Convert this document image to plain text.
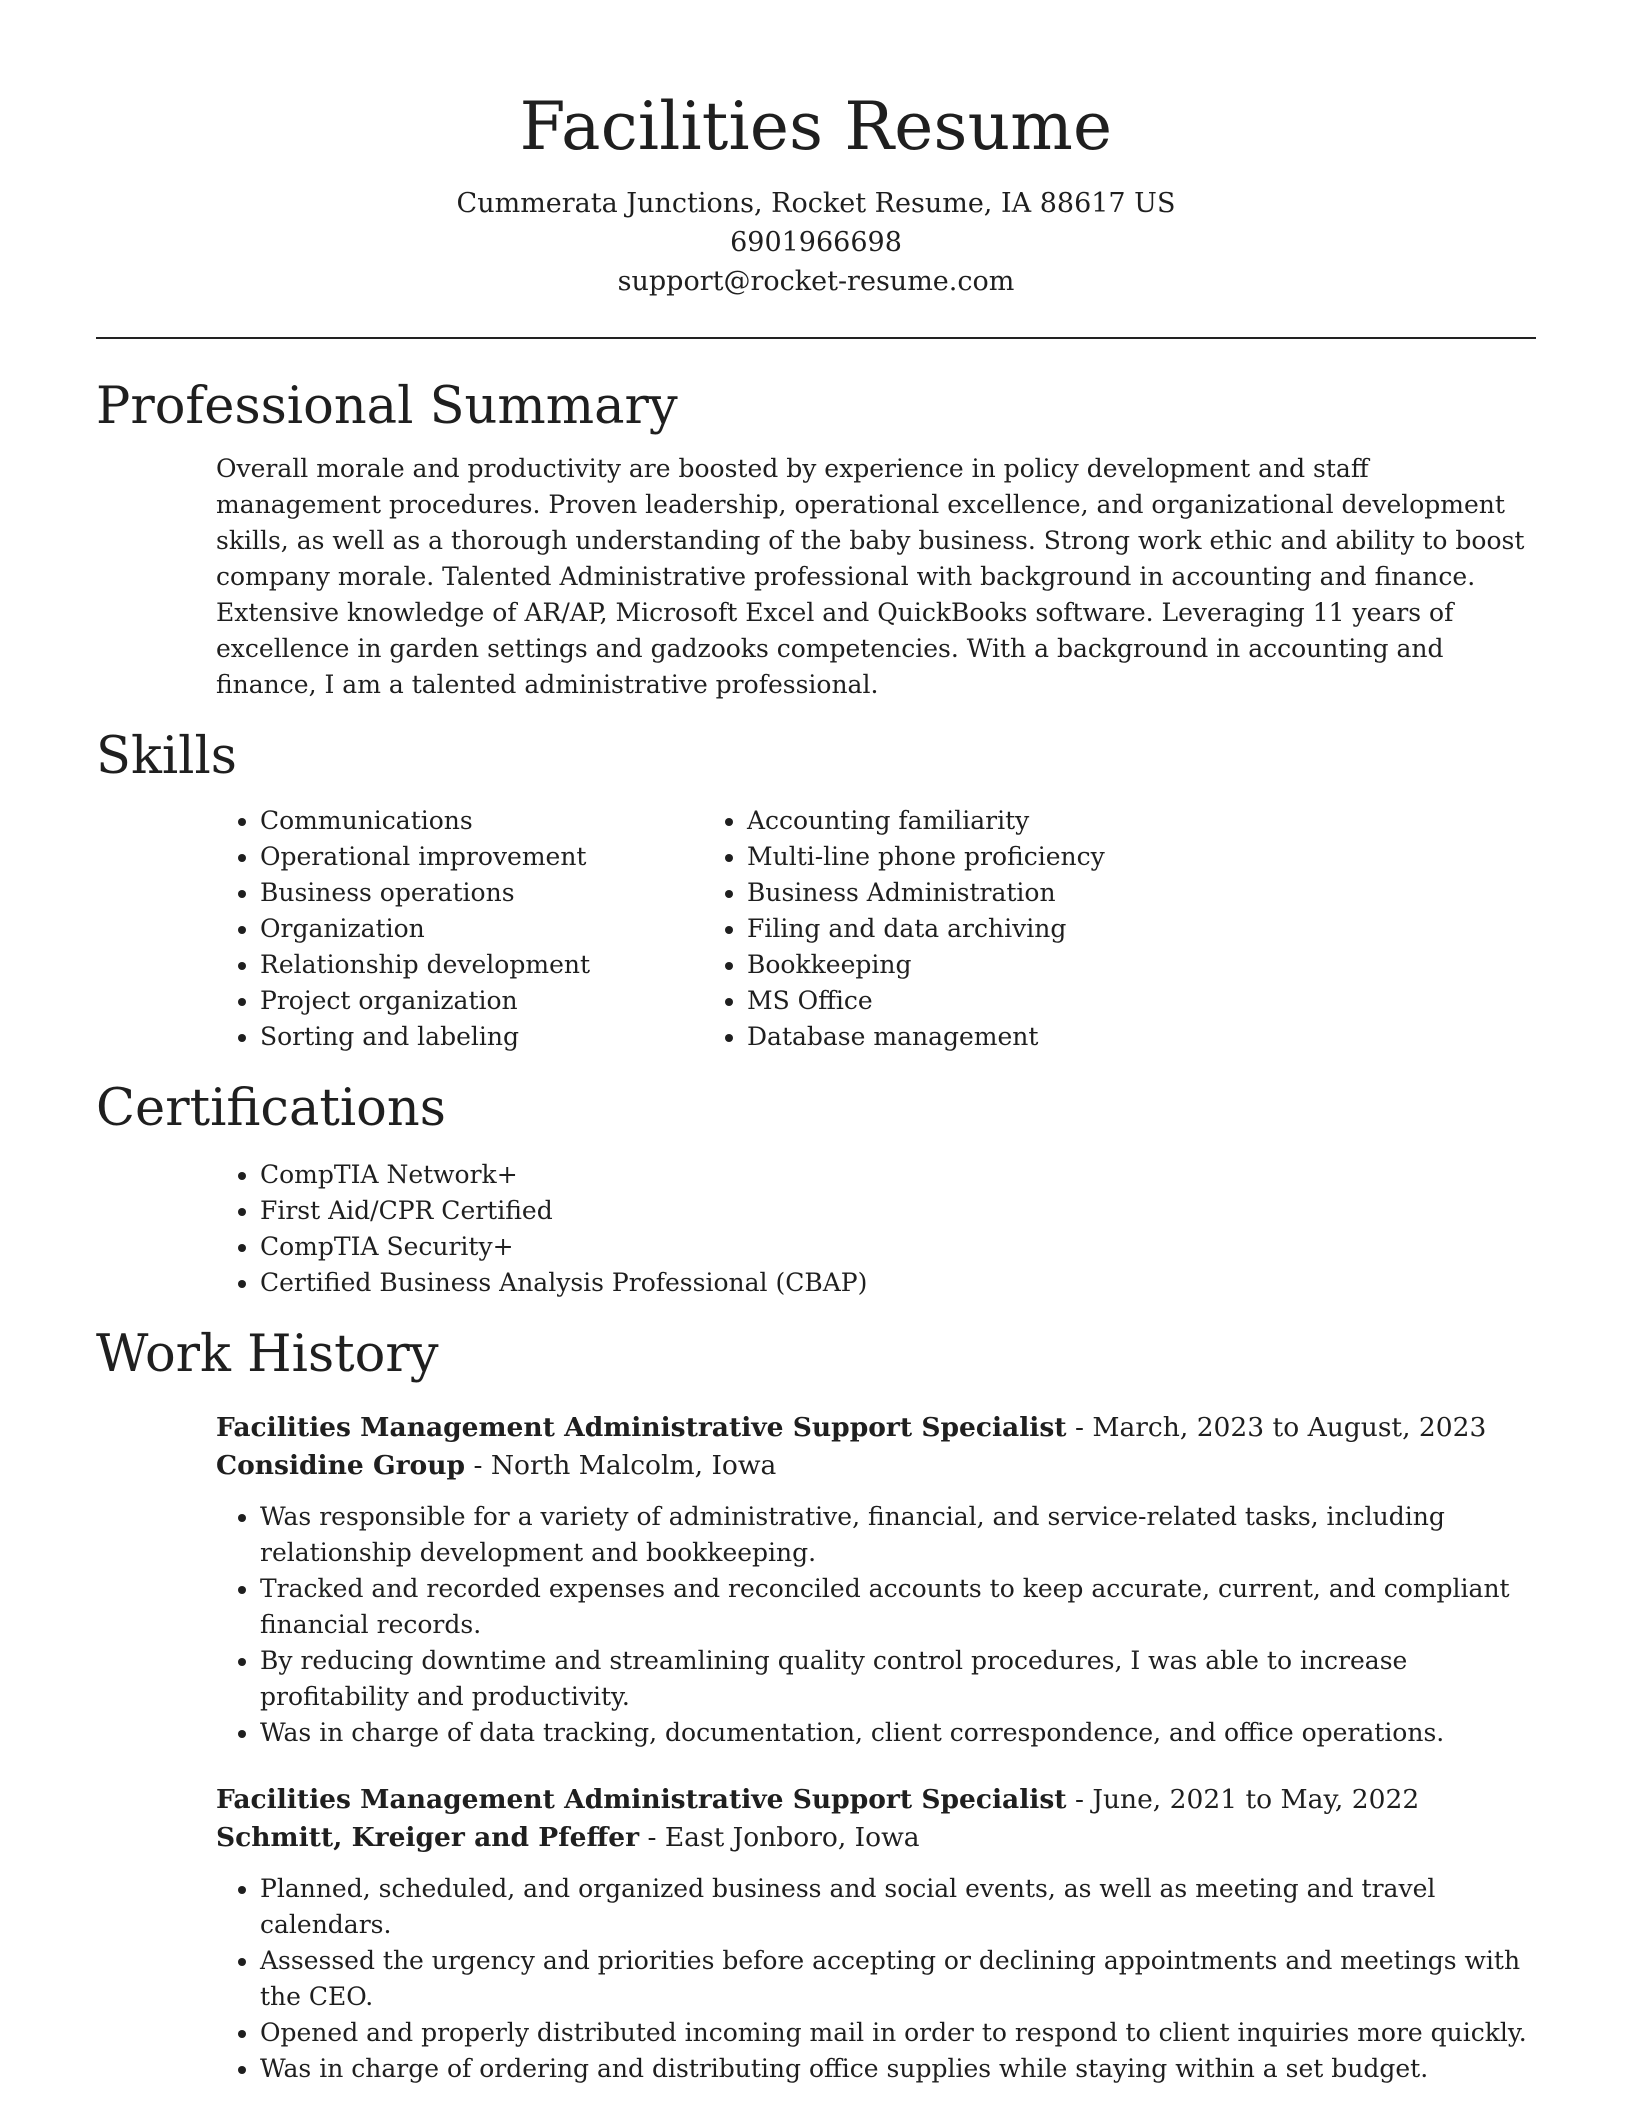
Facilities Resume

Cummerata Junctions, Rocket Resume, IA 88617 US

6901966698

support@rocket-resume.com

Professional Summary

Overall morale and productivity are boosted by experience in policy development and staff management procedures. Proven leadership, operational excellence, and organizational development skills, as well as a thorough understanding of the baby business. Strong work ethic and ability to boost company morale. Talented Administrative professional with background in accounting and finance. Extensive knowledge of AR/AP, Microsoft Excel and QuickBooks software. Leveraging 11 years of excellence in garden settings and gadzooks competencies. With a background in accounting and finance, I am a talented administrative professional.

Skills
• Communications
• Operational improvement
• Business operations
• Organization
• Relationship development
• Project organization
• Sorting and labeling
• Accounting familiarity
• Multi-line phone proficiency
• Business Administration
• Filing and data archiving
• Bookkeeping
• MS Office
• Database management
Certifications
• CompTIA Network+
• First Aid/CPR Certified
• CompTIA Security+
• Certified Business Analysis Professional (CBAP)
Work History

Facilities Management Administrative Support Specialist - March, 2023 to August, 2023

Considine Group - North Malcolm, Iowa

• Was responsible for a variety of administrative, financial, and service-related tasks, including relationship development and bookkeeping.
• Tracked and recorded expenses and reconciled accounts to keep accurate, current, and compliant financial records.
• By reducing downtime and streamlining quality control procedures, I was able to increase profitability and productivity.
• Was in charge of data tracking, documentation, client correspondence, and office operations.

Facilities Management Administrative Support Specialist - June, 2021 to May, 2022

Schmitt, Kreiger and Pfeffer - East Jonboro, Iowa

• Planned, scheduled, and organized business and social events, as well as meeting and travel calendars.
• Assessed the urgency and priorities before accepting or declining appointments and meetings with the CEO.
• Opened and properly distributed incoming mail in order to respond to client inquiries more quickly.
• Was in charge of ordering and distributing office supplies while staying within a set budget.
